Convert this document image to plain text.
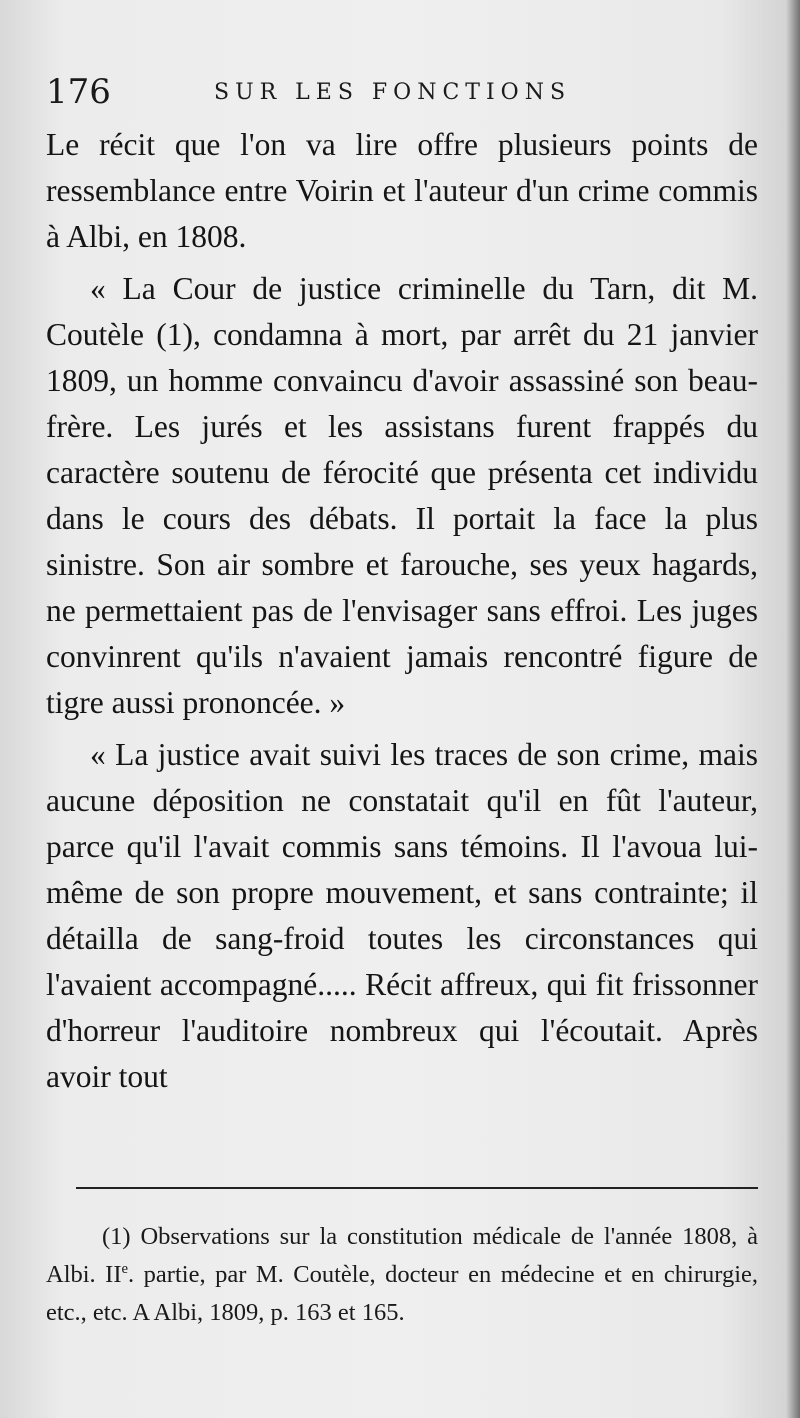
176	SUR LES FONCTIONS

Le récit que l'on va lire offre plusieurs points de ressemblance entre Voirin et l'auteur d'un crime commis à Albi, en 1808.

« La Cour de justice criminelle du Tarn, dit M. Coutèle (1), condamna à mort, par arrêt du 21 janvier 1809, un homme convaincu d'avoir assassiné son beau-frère. Les jurés et les assistans furent frappés du caractère soutenu de férocité que présenta cet individu dans le cours des débats. Il portait la face la plus sinistre. Son air sombre et farouche, ses yeux hagards, ne permettaient pas de l'envisager sans effroi. Les juges convinrent qu'ils n'avaient jamais rencontré figure de tigre aussi prononcée. »

« La justice avait suivi les traces de son crime, mais aucune déposition ne constatait qu'il en fût l'auteur, parce qu'il l'avait commis sans témoins. Il l'avoua lui-même de son propre mouvement, et sans contrainte; il détailla de sang-froid toutes les circonstances qui l'avaient accompagné..... Récit affreux, qui fit frissonner d'horreur l'auditoire nombreux qui l'écoutait. Après avoir tout

(1) Observations sur la constitution médicale de l'année 1808, à Albi. IIe. partie, par M. Coutèle, docteur en médecine et en chirurgie, etc., etc. A Albi, 1809, p. 163 et 165.
